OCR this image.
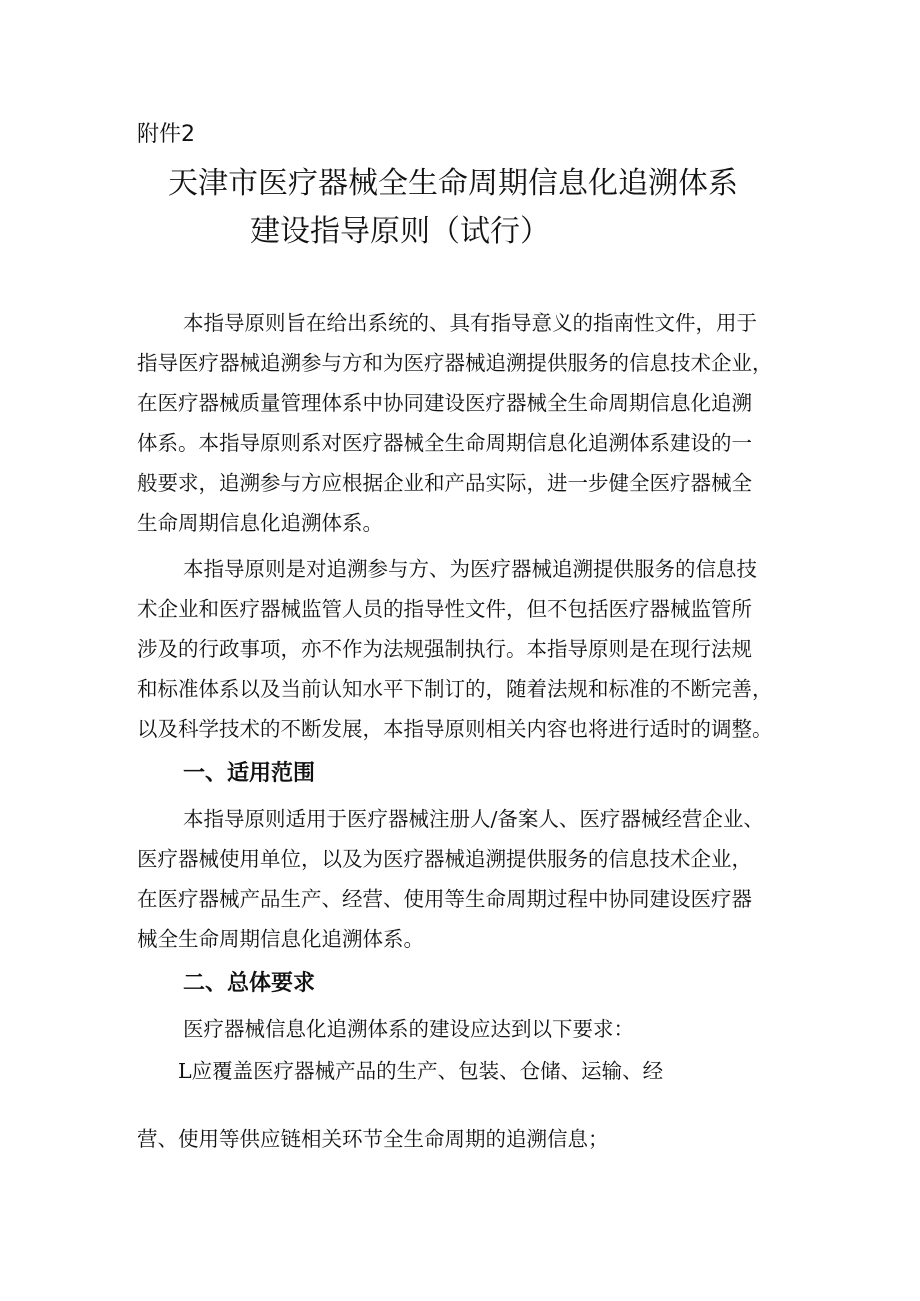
附件2
天津市医疗器械全生命周期信息化追溯体系
建设指导原则（试行）
本指导原则旨在给出系统的、具有指导意义的指南性文件，用于
指导医疗器械追溯参与方和为医疗器械追溯提供服务的信息技术企业，
在医疗器械质量管理体系中协同建设医疗器械全生命周期信息化追溯
体系。本指导原则系对医疗器械全生命周期信息化追溯体系建设的一
般要求，追溯参与方应根据企业和产品实际，进一步健全医疗器械全
生命周期信息化追溯体系。
本指导原则是对追溯参与方、为医疗器械追溯提供服务的信息技
术企业和医疗器械监管人员的指导性文件，但不包括医疗器械监管所
涉及的行政事项，亦不作为法规强制执行。本指导原则是在现行法规
和标准体系以及当前认知水平下制订的，随着法规和标准的不断完善，
以及科学技术的不断发展，本指导原则相关内容也将进行适时的调整。
一、适用范围
本指导原则适用于医疗器械注册人/备案人、医疗器械经营企业、
医疗器械使用单位，以及为医疗器械追溯提供服务的信息技术企业，
在医疗器械产品生产、经营、使用等生命周期过程中协同建设医疗器
械全生命周期信息化追溯体系。
二、总体要求
医疗器械信息化追溯体系的建设应达到以下要求：
L应覆盖医疗器械产品的生产、包装、仓储、运输、经
营、使用等供应链相关环节全生命周期的追溯信息；
